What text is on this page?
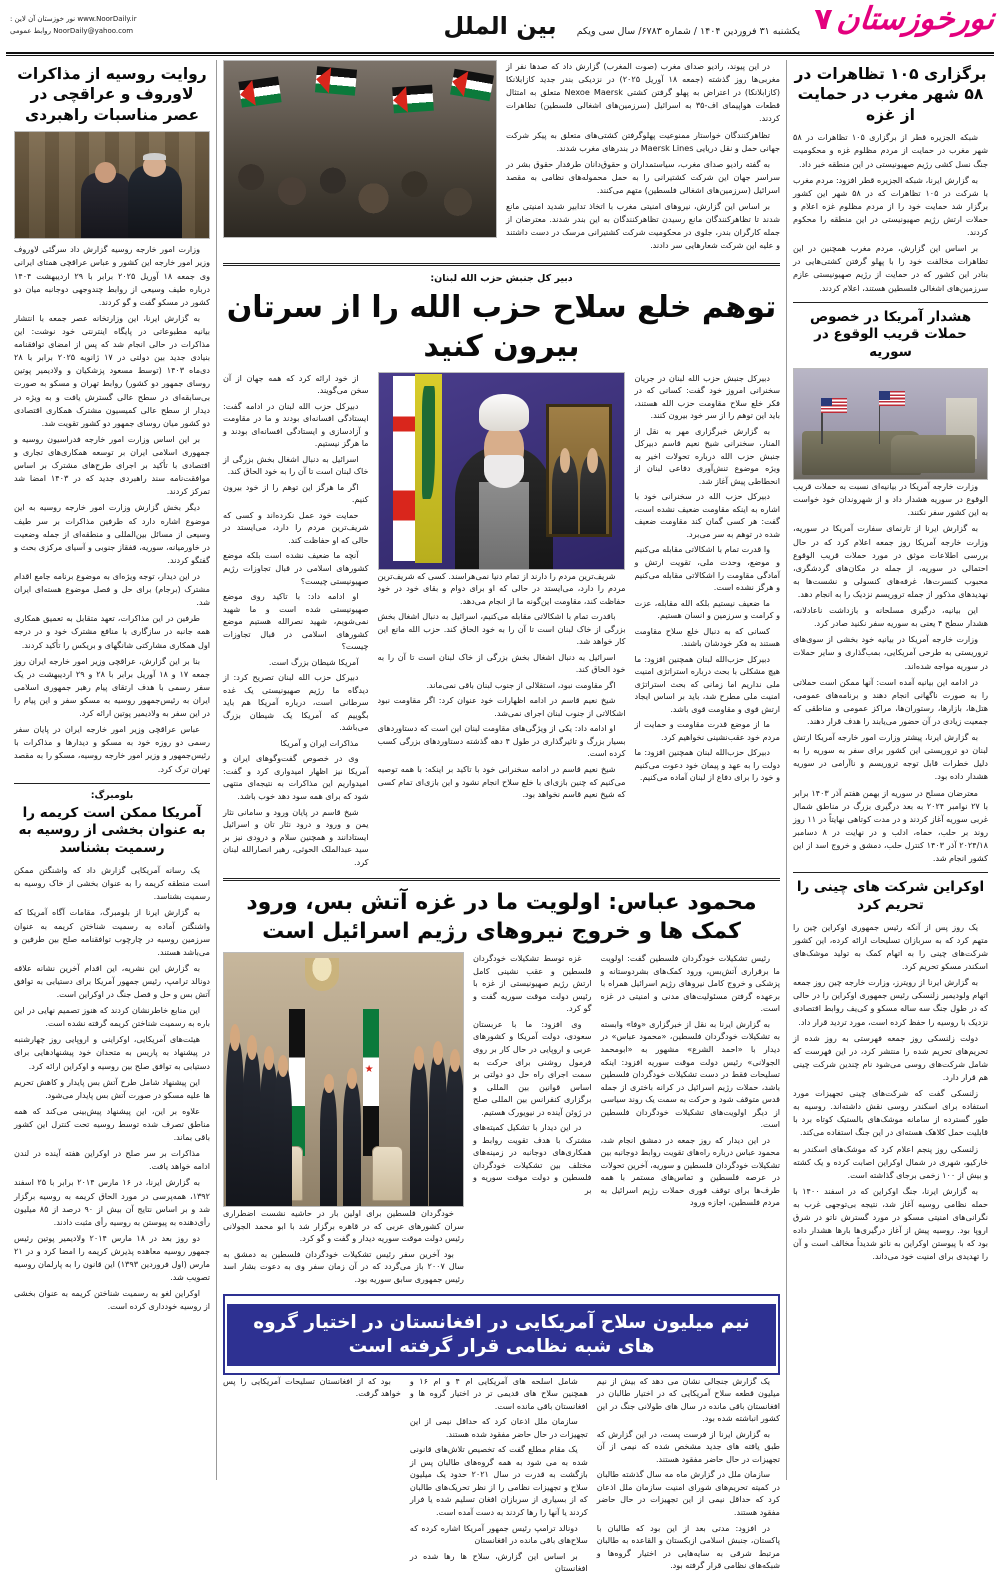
نورخوزستان
۷
یکشنبه ۳۱ فروردین ۱۴۰۴ / شماره ۶۷۸۳/ سال سی ویکم
بین الملل
www.NoorDaily.ir نور خوزستان آن لاین :
NoorDaily@yahoo.com روابط عمومی
برگزاری ۱۰۵ تظاهرات در ۵۸ شهر مغرب در حمایت از غزه

شبکه الجزیره قطر از برگزاری ۱۰۵ تظاهرات در ۵۸ شهر مغرب در حمایت از مردم مظلوم غزه و محکومیت جنگ نسل کشی رژیم صهیونیستی در این منطقه خبر داد.

به گزارش ایرنا، شبکه الجزیره قطر افزود: مردم مغرب با شرکت در ۱۰۵ تظاهرات که در ۵۸ شهر این کشور برگزار شد حمایت خود را از مردم مظلوم غزه اعلام و حملات ارتش رژیم صهیونیستی در این منطقه را محکوم کردند.

بر اساس این گزارش، مردم مغرب همچنین در این تظاهرات مخالفت خود را با پهلو گرفتن کشتی‌هایی در بنادر این کشور که در حمایت از رژیم صهیونیستی عازم سرزمین‌های اشغالی فلسطین هستند، اعلام کردند.

هشدار آمریکا در خصوص حملات قریب الوقوع در سوریه

وزارت خارجه آمریکا در بیانیه‌ای نسبت به حملات قریب الوقوع در سوریه هشدار داد و از شهروندان خود خواست به این کشور سفر نکنند.

به گزارش ایرنا از تارنمای سفارت آمریکا در سوریه، وزارت خارجه آمریکا روز جمعه اعلام کرد که در حال بررسی اطلاعات موثق در مورد حملات قریب الوقوع احتمالی در سوریه، از جمله در مکان‌های گردشگری، محبوب کنسرت‌ها، غرفه‌های کنسولی و نشست‌ها به نهدیدهای مذکور از جمله تروریسم نزدیک را به انجام دهد.

این بیانیه، درگیری مسلحانه و بازداشت ناعادلانه، هشدار سطح ۴ یعنی به سوریه سفر نکنید صادر کرد.

وزارت خارجه آمریکا در بیانیه خود بخشی از سوی‌های تروریستی به طرحی آمریکایی، بمب‌گذاری و سایر حملات در سوریه مواجه شده‌اند.

در ادامه این بیانیه آمده است: آنها ممکن است حملاتی را به صورت ناگهانی انجام دهند و برنامه‌های عمومی، هتل‌ها، بازارها، رستوران‌ها، مراکز عمومی و مناطقی که جمعیت زیادی در آن حضور می‌یابند را هدف قرار دهند.

به گزارش ایرنا، پیشتر وزارت امور خارجه آمریکا ارتش لبنان دو تروریستی این کشور برای سفر به سوریه را به دلیل خطرات قابل توجه تروریسم و ناآرامی در سوریه هشدار داده بود.

معترضان مسلح در سوریه از بهمن هفتم آذر ۱۴۰۳ برابر با ۲۷ نوامبر ۲۰۲۴ به بعد درگیری بزرگ در مناطق شمال غربی سوریه آغاز کردند و در مدت کوتاهی نهایتاً در ۱۱ روز روند بر حلب، حماه، ادلب و در نهایت در ۸ دسامبر ۲۰۲۴/۱۸ آذر ۱۴۰۳ کنترل حلب، دمشق و خروج اسد از این کشور انجام شد.

اوکراین شرکت های چینی را تحریم کرد

یک روز پس از آنکه رئیس جمهوری اوکراین چین را متهم کرد که به سربازان تسلیحات ارائه کرده، این کشور شرکت‌های چینی را به اتهام کمک به تولید موشک‌های اسکندر مسکو تحریم کرد.

به گزارش ایرنا از رویترز، وزارت خارجه چین روز جمعه اتهام ولودیمیر زلنسکی رئیس جمهوری اوکراین را در حالی که در طول جنگ سه ساله مسکو و کی‌یف روابط اقتصادی نزدیک با روسیه را حفظ کرده است، مورد تردید قرار داد.

دولت زلنسکی روز جمعه فهرستی به روز شده از تحریم‌های تحریم شده را منتشر کرد، در این فهرست که شامل شرکت‌های روسی می‌شود نام چندین شرکت چینی هم قرار دارد.

زلنسکی گفت که شرکت‌های چینی تجهیزات مورد استفاده برای اسکندر روسی نقش داشته‌اند. روسیه به طور گسترده از سامانه موشک‌های بالستیک کوتاه برد با قابلیت حمل کلاهک هسته‌ای در این جنگ استفاده می‌کند.

زلنسکی روز پنجم اعلام کرد که موشک‌های اسکندر به خارکیو، شهری در شمال اوکراین اصابت کرده و یک کشته و بیش از ۱۰۰ زخمی برجای گذاشته است.

به گزارش ایرنا، جنگ اوکراین که در اسفند ۱۴۰۰ با حمله نظامی روسیه آغاز شد، نتیجه بی‌توجهی غرب به نگرانی‌های امنیتی مسکو در مورد گسترش ناتو در شرق اروپا بود. روسیه پیش از آغاز درگیری‌ها بارها هشدار داده بود که با پیوستن اوکراین به ناتو شدیداً مخالف است و آن را تهدیدی برای امنیت خود می‌داند.

در این پیوند، رادیو صدای مغرب (صوت المغرب) گزارش داد که صدها نفر از مغربی‌ها روز گذشته (جمعه ۱۸ آوریل ۲۰۲۵) در نزدیکی بندر جدید کازابلانکا (کازابلانکا) در اعتراض به پهلو گرفتن کشتی Nexoe Maersk متعلق به امتثال قطعات هواپیمای اف-۳۵ به اسرائیل (سرزمین‌های اشغالی فلسطین) تظاهرات کردند.

تظاهرکنندگان خواستار ممنوعیت پهلوگرفتن کشتی‌های متعلق به پیکر شرکت جهانی حمل و نقل دریایی Maersk Lines در بندرهای مغرب شدند.

به گفته رادیو صدای مغرب، سیاستمداران و حقوق‌دانان طرفدار حقوق بشر در سراسر جهان این شرکت کشتیرانی را به حمل محموله‌های نظامی به مقصد اسرائیل (سرزمین‌های اشغالی فلسطین) متهم می‌کنند.

بر اساس این گزارش، نیروهای امنیتی مغرب با اتخاذ تدابیر شدید امنیتی مانع شدند تا تظاهرکنندگان مانع رسیدن تظاهرکنندگان به این بندر شدند. معترضان از جمله کارگران بندر، جلوی در محکومیت شرکت کشتیرانی مرسک در دست داشتند و علیه این شرکت شعارهایی سر دادند.

دبیر کل جنبش حزب الله لبنان:
توهم خلع سلاح حزب الله را از سرتان بیرون کنید

دبیرکل جنبش حزب الله لبنان در جریان سخنرانی امروز خود گفت: کسانی که در فکر خلع سلاح مقاومت حزب الله هستند، باید این توهم را از سر خود بیرون کنند.

به گزارش خبرگزاری مهر به نقل از المنار، سخنرانی شیخ نعیم قاسم دبیرکل جنبش حزب الله درباره تحولات اخیر به ویژه موضوع تنش‌آوری دفاعی لبنان از انحطاطی پیش آغاز شد.

دبیرکل حزب الله در سخنرانی خود با اشاره به اینکه مقاومت ضعیف نشده است، گفت: هر کسی گمان کند مقاومت ضعیف شده در توهم به سر می‌برد.

وا قدرت تمام با اشکالاتی مقابله می‌کنیم و موضع، وحدت ملی، تقویت ارتش و آمادگی مقاومت را اشکالاتی مقابله می‌کنیم و هرگز نشده است.

ما ضعیف نیستیم بلکه الله مقابله، عزت و کرامت و سرزمین و انسان هستیم.

کسانی که به دنبال خلع سلاح مقاومت هستند به فکر خودشان باشند.

دبیرکل حزب‌الله لبنان همچنین افزود: ما هیچ مشکلی با بحث درباره استراتژی امنیت ملی نداریم اما زمانی که بحث استراتژی امنیت ملی مطرح شد، باید بر اساس ایجاد ارتش قوی و مقاومت قوی باشد.

ما از موضع قدرت مقاومت و حمایت از مردم خود عقب‌نشینی نخواهیم کرد.

دبیرکل حزب‌الله لبنان همچنین افزود: ما دولت را به عهد و پیمان خود دعوت می‌کنیم و خود را برای دفاع از لبنان آماده می‌کنیم.

شریف‌ترین مردم را دارند از تمام دنیا نمی‌هراسند. کسی که شریف‌ترین مردم را دارد، می‌ایستد در حالی که او برای دوام و بقای خود در خود حفاظت کند، مقاومت این‌گونه ما از انجام می‌دهد.

باقدرت تمام با اشکالاتی مقابله می‌کنیم، اسرائیل به دنبال اشغال بخش بزرگی از خاک لبنان است تا آن را به خود الحاق کند. حزب الله مانع این کار خواهد شد.

اسرائیل به دنبال اشغال بخش بزرگی از خاک لبنان است تا آن را به خود الحاق کند.

اگر مقاومت نبود، استقلالی از جنوب لبنان باقی نمی‌ماند.

شیخ نعیم قاسم در ادامه اظهارات خود عنوان کرد: اگر مقاومت نبود اشکالاتی از جنوب لبنان اجرای نمی‌شد.

او ادامه داد: یکی از ویژگی‌های مقاومت لبنان این است که دستاوردهای بسیار بزرگ و تاثیرگذاری در طول ۴ دهه گذشته دستاوردهای بزرگی کسب کرده است.

شیخ نعیم قاسم در ادامه سخنرانی خود با تاکید بر اینکه: با همه توصیه می‌کنیم که چنین بازی‌ای با خلع سلاح انجام نشود و این بازی‌ای تمام کسی که شیخ نعیم قاسم نخواهد بود.

از خود ارائه کرد که همه جهان از آن سخن می‌گویند.

دبیرکل حزب الله لبنان در ادامه گفت: ایستادگی افسانه‌ای بودند و ما در مقاومت و آزادسازی و ایستادگی افسانه‌ای بودند و ما هرگز نیستیم.

اسرائیل به دنبال اشغال بخش بزرگی از خاک لبنان است تا آن را به خود الحاق کند.

اگر ما هرگز این توهم را از خود بیرون کنیم.

حمایت خود عمل نکرده‌اند و کسی که شریف‌ترین مردم را دارد، می‌ایستد در حالی که او حفاظت کند.

آنچه ما ضعیف نشده است بلکه موضع کشورهای اسلامی در قبال تجاوزات رژیم صهیونیستی چیست؟

او ادامه داد: با تاکید روی موضع صهیونیستی شده است و ما شهید نمی‌شویم، شهید نصرالله هستیم موضع کشورهای اسلامی در قبال تجاوزات چیست؟

آمریکا شیطان بزرگ است.

دبیرکل حزب الله لبنان تصریح کرد: از دیدگاه ما رژیم صهیونیستی یک غده سرطانی است، درباره آمریکا هم باید بگوییم که آمریکا یک شیطان بزرگ می‌باشد.

مذاکرات ایران و آمریکا

وی در خصوص گفت‌وگوهای ایران و آمریکا نیز اظهار امیدواری کرد و گفت: امیدواریم این مذاکرات به نتیجه‌ای منتهی شود که برای همه سود دهد خوب باشد.

شیخ قاسم در پایان ورود و سامانی نثار یمن و ورود و درود نثار تان و اسرائیل ایستادانند و همچنین سلام و درودی نیز بر سید عبدالملک الحوثی، رهبر انصارالله لبنان کرد.

محمود عباس: اولویت ما در غزه آتش بس، ورود کمک ها و خروج نیروهای رژیم اسرائیل است

رئیس تشکیلات خودگردان فلسطین گفت: اولویت ما برقراری آتش‌بس، ورود کمک‌های بشردوستانه و پزشکی و خروج کامل نیروهای رژیم اسرائیل همراه با برعهده گرفتن مسئولیت‌های مدنی و امنیتی در غزه است.

به گزارش ایرنا به نقل از خبرگزاری «وفا» وابسته به تشکیلات خودگردان فلسطین، «محمود عباس» در دیدار با «احمد الشرع» مشهور به «ابومحمد الجولانی» رئیس دولت موقت سوریه افزود: اینکه تسلیحات فقط در دست تشکیلات خودگردان فلسطین باشد، حملات رژیم اسرائیل در کرانه باختری از جمله قدس متوقف شود و حرکت به سمت یک روند سیاسی از دیگر اولویت‌های تشکیلات خودگردان فلسطین است.

در این دیدار که روز جمعه در دمشق انجام شد، محمود عباس درباره راه‌های تقویت روابط دوجانبه بین تشکیلات خودگردان فلسطین و سوریه، آخرین تحولات در عرصه فلسطین و تماس‌های مستمر با همه طرف‌ها برای توقف فوری حملات رژیم اسرائیل به مردم فلسطین، اجازه ورود

غزه توسط تشکیلات خودگردان فلسطین و عقب نشینی کامل ارتش رژیم صهیونیستی از غزه با رئیس دولت موقت سوریه گفت و گو کرد.

وی افزود: ما با عربستان سعودی، دولت آمریکا و کشورهای عربی و اروپایی در حال کار بر روی فرمول روشنی برای حرکت به سمت اجرای راه حل دو دولتی بر اساس قوانین بین المللی و برگزاری کنفرانس بین المللی صلح در ژوئن آینده در نیویورک هستیم.

در این دیدار با تشکیل کمیته‌های مشترک با هدف تقویت روابط و همکاری‌های دوجانبه در زمینه‌های مختلف بین تشکیلات خودگردان فلسطین و دولت موقت سوریه و بر

★

خودگردان فلسطین برای اولین بار در حاشیه نشست اضطراری سران کشورهای عربی که در قاهره برگزار شد با ابو محمد الجولانی رئیس دولت موقت سوریه دیدار و گفت و گو کرد.

بود آخرین سفر رئیس تشکیلات خودگردان فلسطین به دمشق به سال ۲۰۰۷ باز می‌گردد که در آن زمان سفر وی به دعوت بشار اسد رئیس جمهوری سابق سوریه بود.

نیم میلیون سلاح آمریکایی در افغانستان در اختیار گروه های شبه نظامی قرار گرفته است

یک گزارش جنجالی نشان می دهد که بیش از نیم میلیون قطعه سلاح آمریکایی که در اختیار طالبان در افغانستان باقی مانده در سال های طولانی جنگ در این کشور انباشته شده بود.

به گزارش ایرنا از فرست پست، در این گزارش که طبق یافته های جدید مشخص شده که نیمی از آن تجهیزات در حال حاضر مفقود هستند.

سازمان ملل در گزارش ماه مه سال گذشته طالبان در کمیته تحریم‌های شورای امنیت سازمان ملل اذعان کرد که حداقل نیمی از این تجهیزات در حال حاضر مفقود هستند.

در افزود: مدتی بعد از این بود که طالبان با پاکستان، جنبش اسلامی ازبکستان و القاعده به طالبان مرتبط شرقی به سایه‌هایی در اختیار گروه‌ها و شبکه‌های نظامی قرار گرفته بود.

شامل اسلحه های آمریکایی ام ۴ و ام ۱۶ و همچنین سلاح های قدیمی تر در اختیار گروه ها و افغانستان باقی مانده است.

سازمان ملل اذعان کرد که حداقل نیمی از این تجهیزات در حال حاضر مفقود شده هستند.

یک مقام مطلع گفت که تخصیص تلاش‌های قانونی شده به می شود به همه گروه‌های طالبان پس از بازگشت به قدرت در سال ۲۰۲۱ حدود یک میلیون سلاح و تجهیزات نظامی را از نظر تحریک‌های طالبان که از بسیاری از سربازان افغان تسلیم شده یا فرار کردند یا آنها را رها کردند به دست آمده است.

دونالد ترامپ رئیس جمهور آمریکا اشاره کرده که سلاح‌های باقی مانده در افغانستان

بر اساس این گزارش، سلاح ها رها شده در افغانستان

بود که از افغانستان تسلیحات آمریکایی را پس خواهد گرفت.

روایت روسیه از مذاکرات لاوروف و عراقچی در عصر مناسبات راهبردی

وزارت امور خارجه روسیه گزارش داد سرگئی لاوروف وزیر امور خارجه این کشور و عباس عراقچی همتای ایرانی وی جمعه ۱۸ آوریل ۲۰۲۵ برابر با ۲۹ اردیبهشت ۱۴۰۴ درباره طیف وسیعی از روابط چندوجهی دوجانبه میان دو کشور در مسکو گفت و گو کردند.

به گزارش ایرنا، این وزارتخانه عصر جمعه با انتشار بیانیه مطبوعاتی در پایگاه اینترنتی خود نوشت: این مذاکرات در حالی انجام شد که پس از امضای توافقنامه بنیادی جدید بین دولتی در ۱۷ ژانویه ۲۰۲۵ برابر با ۲۸ دی‌ماه ۱۴۰۳ (توسط مسعود پزشکیان و ولادیمیر پوتین روسای جمهور دو کشور) روابط تهران و مسکو به صورت بی‌سابقه‌ای در سطح عالی گسترش یافت و به ویژه در دیدار از سطح عالی کمیسیون مشترک همکاری اقتصادی دو کشور میان روسای جمهور دو کشور تقویت شد.

بر این اساس وزارت امور خارجه فدراسیون روسیه و جمهوری اسلامی ایران بر توسعه همکاری‌های تجاری و اقتصادی با تأکید بر اجرای طرح‌های مشترک بر اساس موافقت‌نامه سند راهبردی جدید که در ۱۴۰۳ امضا شد تمرکز کردند.

دیگر بخش گزارش وزارت امور خارجه روسیه به این موضوع اشاره دارد که طرفین مذاکرات بر سر طیف وسیعی از مسائل بین‌المللی و منطقه‌ای از جمله وضعیت در خاورمیانه، سوریه، قفقاز جنوبی و آسیای مرکزی بحث و گفتگو کردند.

در این دیدار، توجه ویژه‌ای به موضوع برنامه جامع اقدام مشترک (برجام) برای حل و فصل موضوع هسته‌ای ایران شد.

طرفین در این مذاکرات، تعهد متقابل به تعمیق همکاری همه جانبه در سازگاری با منافع مشترک خود و در درجه اول همکاری مشارکتی شانگهای و بریکس را تأکید کردند.

بنا بر این گزارش، عراقچی وزیر امور خارجه ایران روز جمعه ۱۷ و ۱۸ آوریل برابر با ۲۸ و ۲۹ اردیبهشت در یک سفر رسمی با هدف ارتقای پیام رهبر جمهوری اسلامی ایران به رئیس‌جمهور روسیه به مسکو سفر و این پیام را در این سفر به ولادیمیر پوتین ارائه کرد.

عباس عراقچی وزیر امور خارجه ایران در پایان سفر رسمی دو روزه خود به مسکو و دیدارها و مذاکرات با رئیس‌جمهور و وزیر امور خارجه روسیه، مسکو را به مقصد تهران ترک کرد.

بلومبرگ:
آمریکا ممکن است کریمه را به عنوان بخشی از روسیه به رسمیت بشناسد

یک رسانه آمریکایی گزارش داد که واشنگتن ممکن است منطقه کریمه را به عنوان بخشی از خاک روسیه به رسمیت بشناسد.

به گزارش ایرنا از بلومبرگ، مقامات آگاه آمریکا که واشنگتن آماده به رسمیت شناختن کریمه به عنوان سرزمین روسیه در چارچوب توافقنامه صلح بین طرفین و می‌باشد هستند.

به گزارش این نشریه، این اقدام آخرین نشانه علاقه دونالد ترامپ، رئیس جمهور آمریکا برای دستیابی به توافق آتش بس و حل و فصل جنگ در اوکراین است.

این منابع خاطرنشان کردند که هنوز تصمیم نهایی در این باره به رسمیت شناختن کریمه گرفته نشده است.

هیئت‌های آمریکایی، اوکراینی و اروپایی روز چهارشنبه در پیشنهاد به پاریس به متحدان خود پیشنهادهایی برای دستیابی به توافق صلح بین روسیه و اوکراین ارائه کرد.

این پیشنهاد شامل طرح آتش بس پایدار و کاهش تحریم ها علیه مسکو در صورت آتش بس پایدار می‌شود.

علاوه بر این، این پیشنهاد پیش‌بینی می‌کند که همه مناطق تصرف شده توسط روسیه تحت کنترل این کشور باقی بماند.

مذاکرات بر سر صلح در اوکراین هفته آینده در لندن ادامه خواهد یافت.

به گزارش ایرنا، در ۱۶ مارس ۲۰۱۴ برابر با ۲۵ اسفند ۱۳۹۲، همه‌پرسی در مورد الحاق کریمه به روسیه برگزار شد و بر اساس نتایج آن بیش از ۹۰ درصد از ۸۵ میلیون رأی‌دهنده به پیوستن به روسیه رأی مثبت دادند.

دو روز بعد در ۱۸ مارس ۲۰۱۴ ولادیمیر پوتین رئیس جمهور روسیه معاهده پذیرش کریمه را امضا کرد و در ۲۱ مارس (اول فروردین ۱۳۹۳) این قانون را به پارلمان روسیه تصویب شد.

اوکراین لغو به رسمیت شناختن کریمه به عنوان بخشی از روسیه خودداری کرده است.
